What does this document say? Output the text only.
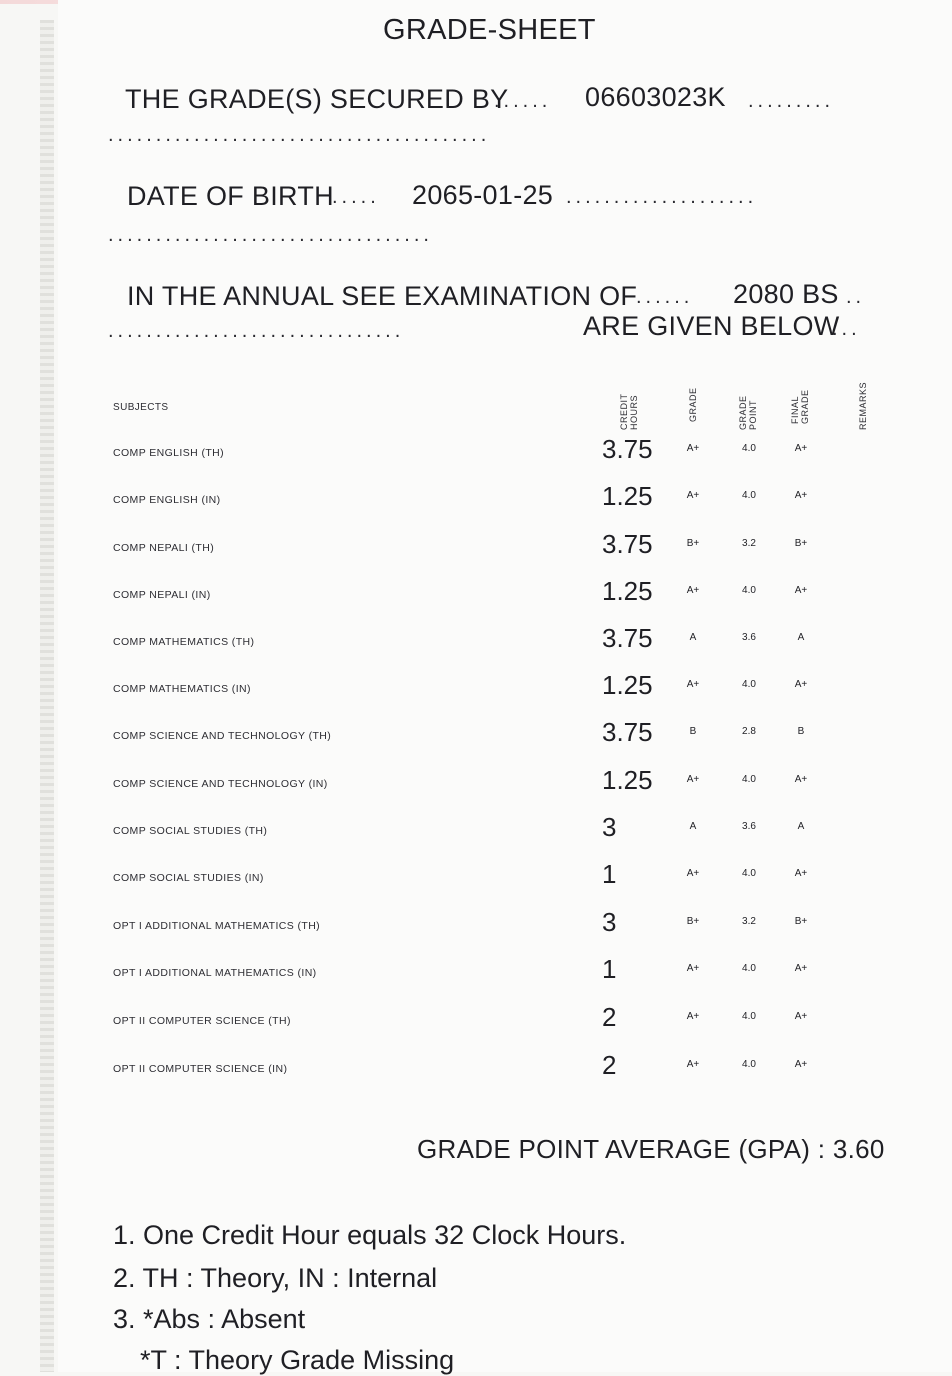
GRADE-SHEET
THE GRADE(S) SECURED BY
...... 06603023K .........
........................................
DATE OF BIRTH
..... 2065-01-25 ....................
..................................
IN THE ANNUAL SEE EXAMINATION OF
...... 2080 BS ..
...............................	ARE GIVEN BELOW
...
SUBJECTS	CREDIT HOURS	GRADE	GRADE POINT	FINAL GRADE	REMARKS
COMP ENGLISH (TH)	3.75	A+	4.0	A+
COMP ENGLISH (IN)	1.25	A+	4.0	A+
COMP NEPALI (TH)	3.75	B+	3.2	B+
COMP NEPALI (IN)	1.25	A+	4.0	A+
COMP MATHEMATICS (TH)	3.75	A	3.6	A
COMP MATHEMATICS (IN)	1.25	A+	4.0	A+
COMP SCIENCE AND TECHNOLOGY (TH)	3.75	B	2.8	B
COMP SCIENCE AND TECHNOLOGY (IN)	1.25	A+	4.0	A+
COMP SOCIAL STUDIES (TH)	3	A	3.6	A
COMP SOCIAL STUDIES (IN)	1	A+	4.0	A+
OPT I ADDITIONAL MATHEMATICS (TH)	3	B+	3.2	B+
OPT I ADDITIONAL MATHEMATICS (IN)	1	A+	4.0	A+
OPT II COMPUTER SCIENCE (TH)	2	A+	4.0	A+
OPT II COMPUTER SCIENCE (IN)	2	A+	4.0	A+
GRADE POINT AVERAGE (GPA) : 3.60
1. One Credit Hour equals 32 Clock Hours.
2. TH : Theory, IN : Internal
3. *Abs : Absent
*T : Theory Grade Missing
